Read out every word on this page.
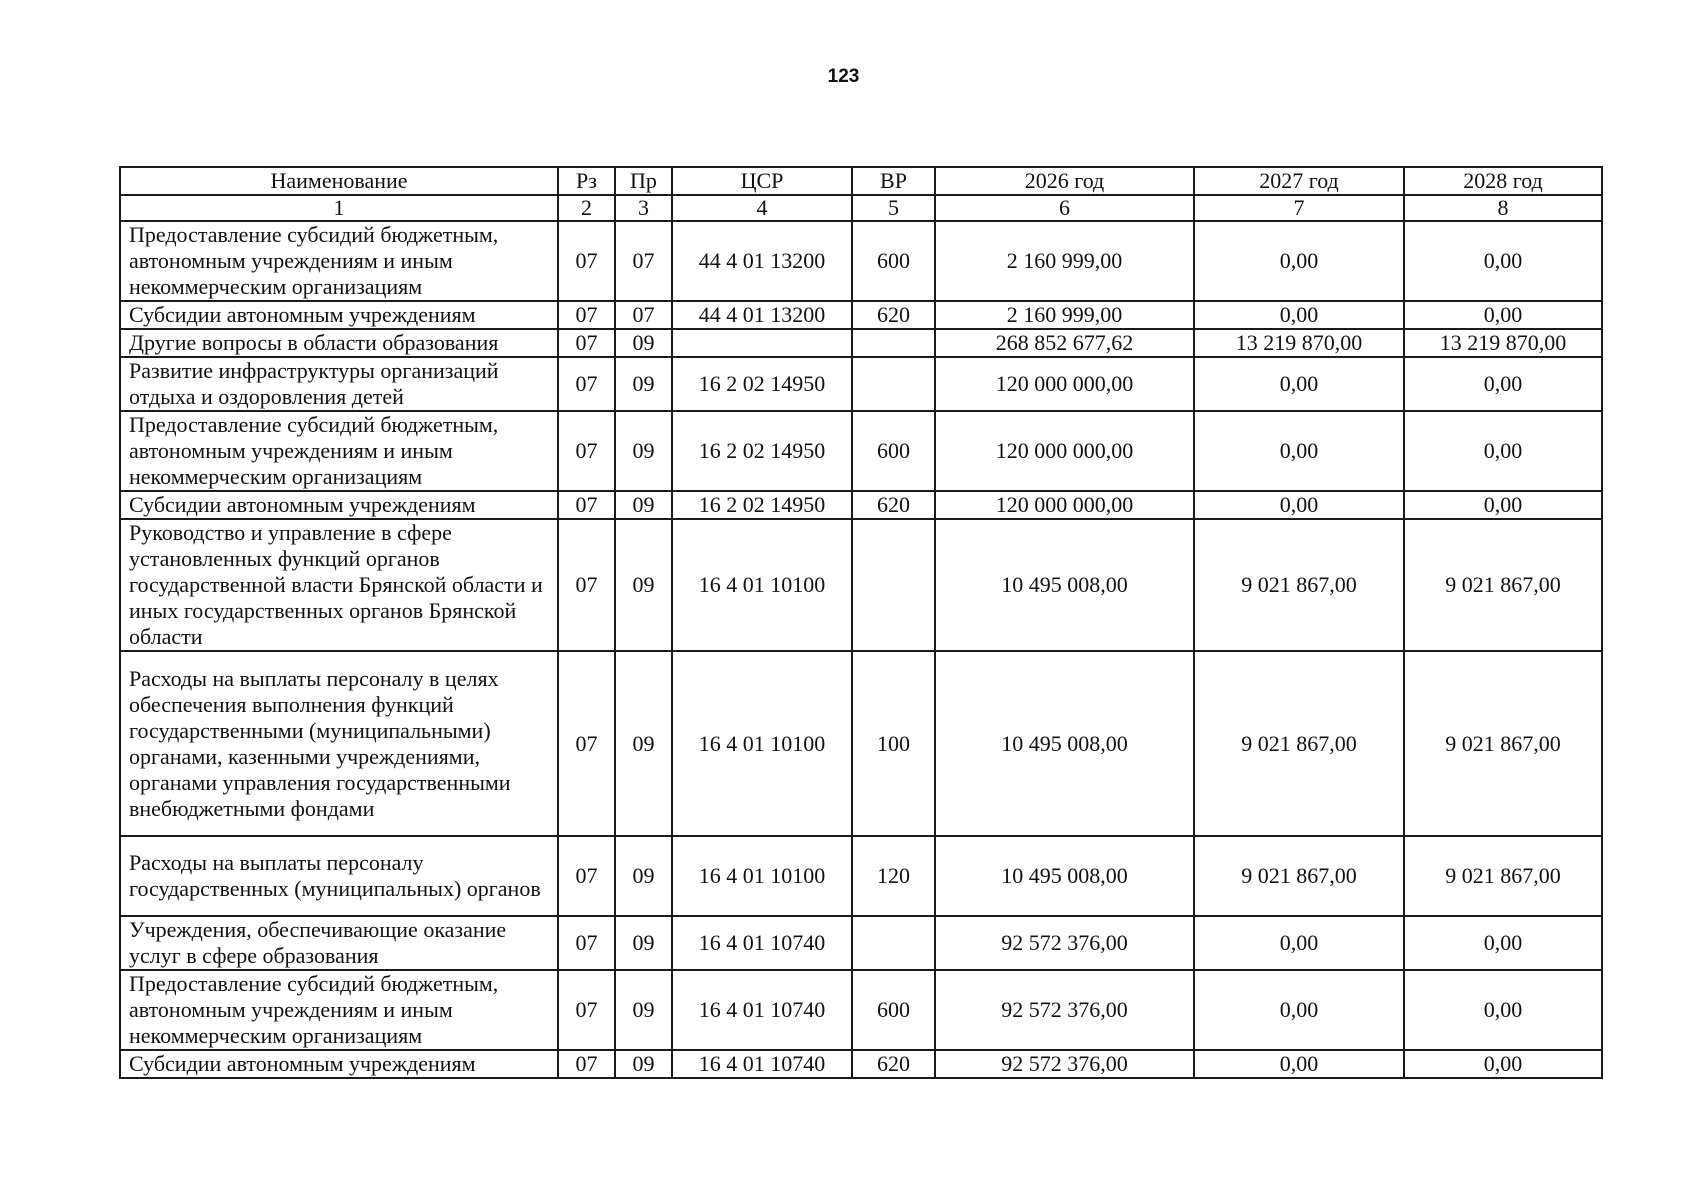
123
Наименование	Рз	Пр	ЦСР	ВР	2026 год	2027 год	2028 год
1	2	3	4	5	6	7	8
Предоставление субсидий бюджетным, автономным учреждениям и иным некоммерческим организациям	07	07	44 4 01 13200	600	2 160 999,00	0,00	0,00
Субсидии автономным учреждениям	07	07	44 4 01 13200	620	2 160 999,00	0,00	0,00
Другие вопросы в области образования	07	09			268 852 677,62	13 219 870,00	13 219 870,00
Развитие инфраструктуры организаций отдыха и оздоровления детей	07	09	16 2 02 14950		120 000 000,00	0,00	0,00
Предоставление субсидий бюджетным, автономным учреждениям и иным некоммерческим организациям	07	09	16 2 02 14950	600	120 000 000,00	0,00	0,00
Субсидии автономным учреждениям	07	09	16 2 02 14950	620	120 000 000,00	0,00	0,00
Руководство и управление в сфере установленных функций органов государственной власти Брянской области и иных государственных органов Брянской области	07	09	16 4 01 10100		10 495 008,00	9 021 867,00	9 021 867,00
Расходы на выплаты персоналу в целях обеспечения выполнения функций государственными (муниципальными) органами, казенными учреждениями, органами управления государственными внебюджетными фондами	07	09	16 4 01 10100	100	10 495 008,00	9 021 867,00	9 021 867,00
Расходы на выплаты персоналу государственных (муниципальных) органов	07	09	16 4 01 10100	120	10 495 008,00	9 021 867,00	9 021 867,00
Учреждения, обеспечивающие оказание услуг в сфере образования	07	09	16 4 01 10740		92 572 376,00	0,00	0,00
Предоставление субсидий бюджетным, автономным учреждениям и иным некоммерческим организациям	07	09	16 4 01 10740	600	92 572 376,00	0,00	0,00
Субсидии автономным учреждениям	07	09	16 4 01 10740	620	92 572 376,00	0,00	0,00
